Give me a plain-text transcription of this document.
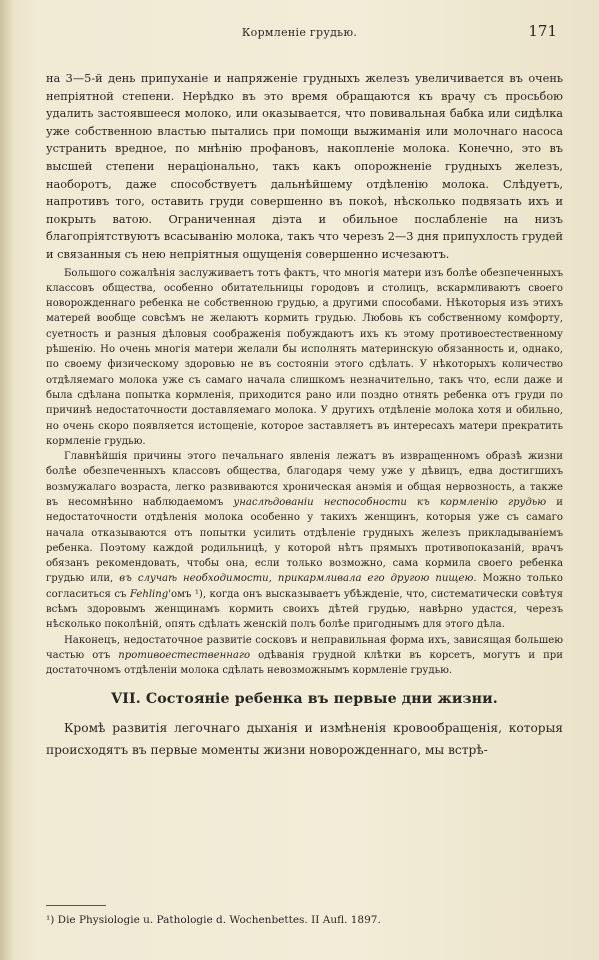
Кормленіе грудью.	171

на 3—5-й день припуханіе и напряженіе грудныхъ железъ увеличивается въ очень непріятной степени. Нерѣдко въ это время обращаются къ врачу съ просьбою удалить застоявшееся молоко, или оказывается, что повивальная бабка или сидѣлка уже собственною властью пытались при помощи выжиманія или молочнаго насоса устранить вредное, по мнѣнію профановъ, накопленіе молока. Конечно, это въ высшей степени нераціонально, такъ какъ опорожненіе грудныхъ железъ, наоборотъ, даже способствуетъ дальнѣйшему отдѣленію молока. Слѣдуетъ, напротивъ того, оставить груди совершенно въ покоѣ, нѣсколько подвязать ихъ и покрыть ватою. Ограниченная діэта и обильное послабленіе на низъ благопріятствуютъ всасыванію молока, такъ что черезъ 2—3 дня припухлость грудей и связанныя съ нею непріятныя ощущенія совершенно исчезаютъ.

Большого сожалѣнія заслуживаетъ тотъ фактъ, что многія матери изъ болѣе обезпеченныхъ классовъ общества, особенно обитательницы городовъ и столицъ, вскармливаютъ своего новорожденнаго ребенка не собственною грудью, а другими способами. Нѣкоторыя изъ этихъ матерей вообще совсѣмъ не желаютъ кормить грудью. Любовь къ собственному комфорту, суетность и разныя дѣловыя соображенія побуждаютъ ихъ къ этому противоестественному рѣшенію. Но очень многія матери желали бы исполнять материнскую обязанность и, однако, по своему физическому здоровью не въ состояніи этого сдѣлать. У нѣкоторыхъ количество отдѣляемаго молока уже съ самаго начала слишкомъ незначительно, такъ что, если даже и была сдѣлана попытка кормленія, приходится рано или поздно отнять ребенка отъ груди по причинѣ недостаточности доставляемаго молока. У другихъ отдѣленіе молока хотя и обильно, но очень скоро появляется истощеніе, которое заставляетъ въ интересахъ матери прекратить кормленіе грудью.

Главнѣйшія причины этого печальнаго явленія лежатъ въ извращенномъ образѣ жизни болѣе обезпеченныхъ классовъ общества, благодаря чему уже у дѣвицъ, едва достигшихъ возмужалаго возраста, легко развиваются хроническая анэмія и общая нервозность, а также въ несомнѣнно наблюдаемомъ унаслѣдованіи неспособности къ кормленію грудью и недостаточности отдѣленія молока особенно у такихъ женщинъ, которыя уже съ самаго начала отказываются отъ попытки усилить отдѣленіе грудныхъ железъ прикладываніемъ ребенка. Поэтому каждой родильницѣ, у которой нѣтъ прямыхъ противопоказаній, врачъ обязанъ рекомендовать, чтобы она, если только возможно, сама кормила своего ребенка грудью или, въ случаѣ необходимости, прикармливала его другою пищею. Можно только согласиться съ Fehling'омъ ¹), когда онъ высказываетъ убѣжденіе, что, систематически совѣтуя всѣмъ здоровымъ женщинамъ кормить своихъ дѣтей грудью, навѣрно удастся, черезъ нѣсколько поколѣній, опять сдѣлать женскій полъ болѣе пригоднымъ для этого дѣла.

Наконецъ, недостаточное развитіе сосковъ и неправильная форма ихъ, зависящая большею частью отъ противоестественнаго одѣванія грудной клѣтки въ корсетъ, могутъ и при достаточномъ отдѣленіи молока сдѣлать невозможнымъ кормленіе грудью.

VII. Состояніе ребенка въ первые дни жизни.

Кромѣ развитія легочнаго дыханія и измѣненія кровообращенія, которыя происходятъ въ первые моменты жизни новорожденнаго, мы встрѣ-

¹) Die Physiologie u. Pathologie d. Wochenbettes. II Aufl. 1897.
